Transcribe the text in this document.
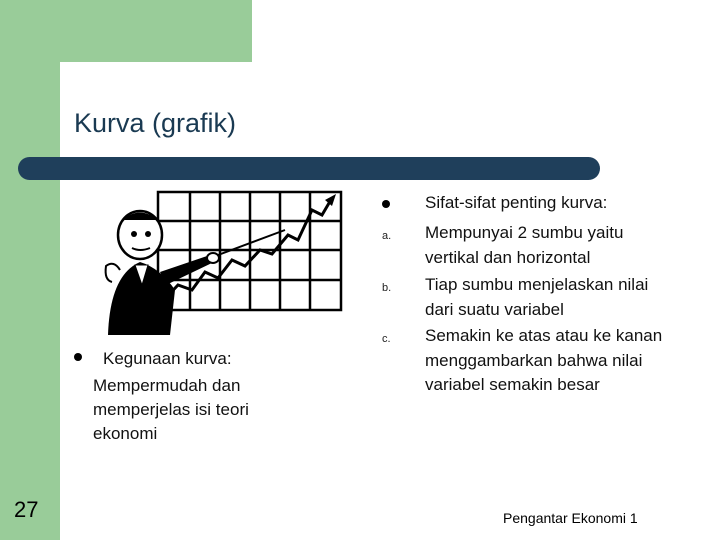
Kurva (grafik)
Kegunaan kurva:
Mempermudah dan memperjelas isi teori ekonomi
Sifat-sifat penting kurva:
a. Mempunyai 2 sumbu yaitu vertikal dan horizontal
b. Tiap sumbu menjelaskan nilai dari suatu variabel
c. Semakin ke atas atau ke kanan menggambarkan bahwa nilai variabel semakin besar
27	Pengantar Ekonomi 1
